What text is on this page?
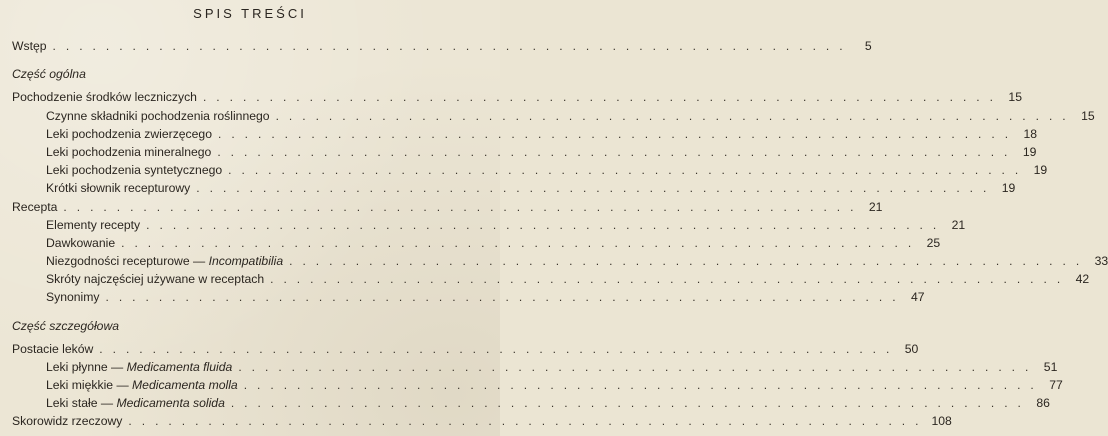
SPIS TREŚCI
Wstęp ............................................................	5
Część ogólna
Pochodzenie środków leczniczych ............................................................ 15
Czynne składniki pochodzenia roślinnego ............................................................ 15
Leki pochodzenia zwierzęcego ............................................................ 18
Leki pochodzenia mineralnego ............................................................ 19
Leki pochodzenia syntetycznego ............................................................ 19
Krótki słownik recepturowy ............................................................ 19
Recepta ............................................................ 21
Elementy recepty ............................................................ 21
Dawkowanie ............................................................ 25
Niezgodności recepturowe — Incompatibilia ............................................................ 33
Skróty najczęściej używane w receptach ............................................................ 42
Synonimy ............................................................ 47
Część szczegółowa
Postacie leków ............................................................ 50
Leki płynne — Medicamenta fluida ............................................................ 51
Leki miękkie — Medicamenta molla ............................................................ 77
Leki stałe — Medicamenta solida ............................................................ 86
Skorowidz rzeczowy ............................................................ 108
